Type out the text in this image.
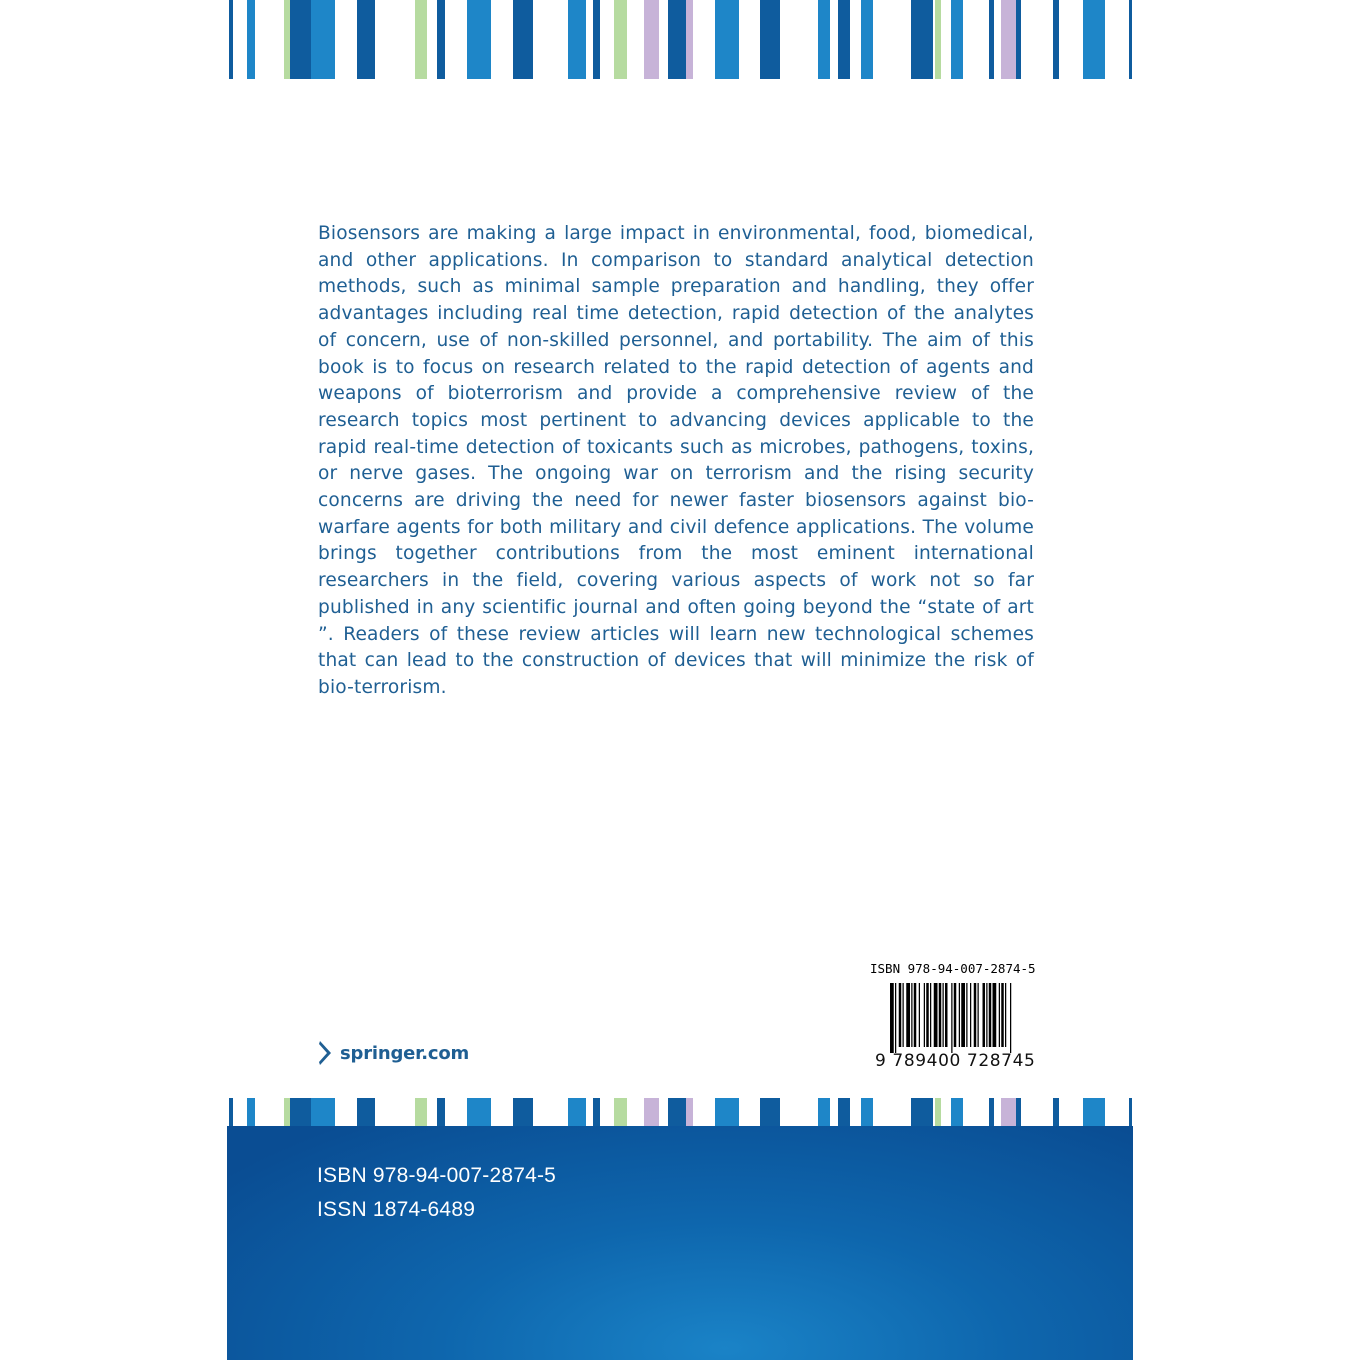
Biosensors are making a large impact in environmental, food, biomedical, and other applications. In comparison to standard analytical detection methods, such as minimal sample preparation and handling, they offer advantages including real time detection, rapid detection of the analytes of concern, use of non-skilled personnel, and portability. The aim of this book is to focus on research related to the rapid detection of agents and weapons of bioterrorism and provide a comprehensive review of the research topics most pertinent to advancing devices applicable to the rapid real-time detection of toxicants such as microbes, pathogens, toxins, or nerve gases. The ongoing war on terrorism and the rising security concerns are driving the need for newer faster biosensors against bio-warfare agents for both military and civil defence applications. The volume brings together contributions from the most eminent international researchers in the field, covering various aspects of work not so far published in any scientific journal and often going beyond the “state of art ”. Readers of these review articles will learn new technological schemes that can lead to the construction of devices that will minimize the risk of bio-terrorism.

ISBN 978-94-007-2874-5
9 789400 728745
springer.com
ISBN 978-94-007-2874-5
ISSN 1874-6489
